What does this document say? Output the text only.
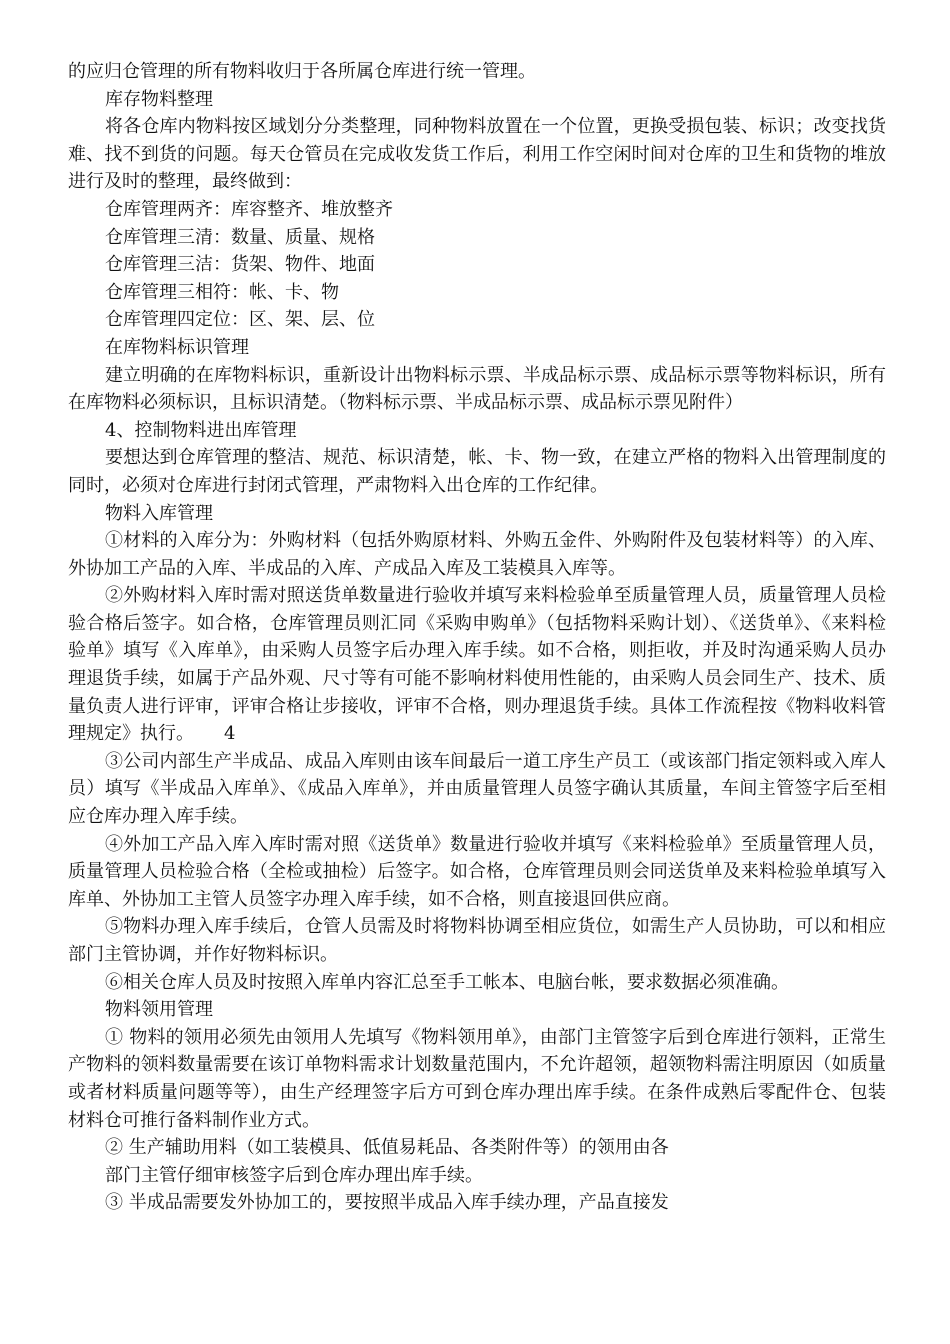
的应归仓管理的所有物料收归于各所属仓库进行统一管理。

库存物料整理

将各仓库内物料按区域划分分类整理，同种物料放置在一个位置，更换受损包装、标识；改变找货难、找不到货的问题。每天仓管员在完成收发货工作后，利用工作空闲时间对仓库的卫生和货物的堆放进行及时的整理，最终做到：

仓库管理两齐：库容整齐、堆放整齐

仓库管理三清：数量、质量、规格

仓库管理三洁：货架、物件、地面

仓库管理三相符：帐、卡、物

仓库管理四定位：区、架、层、位

在库物料标识管理

建立明确的在库物料标识，重新设计出物料标示票、半成品标示票、成品标示票等物料标识，所有在库物料必须标识，且标识清楚。（物料标示票、半成品标示票、成品标示票见附件）

4、控制物料进出库管理

要想达到仓库管理的整洁、规范、标识清楚，帐、卡、物一致，在建立严格的物料入出管理制度的同时，必须对仓库进行封闭式管理，严肃物料入出仓库的工作纪律。

物料入库管理

①材料的入库分为：外购材料（包括外购原材料、外购五金件、外购附件及包装材料等）的入库、外协加工产品的入库、半成品的入库、产成品入库及工装模具入库等。

②外购材料入库时需对照送货单数量进行验收并填写来料检验单至质量管理人员，质量管理人员检验合格后签字。如合格，仓库管理员则汇同《采购申购单》（包括物料采购计划）、《送货单》、《来料检验单》填写《入库单》，由采购人员签字后办理入库手续。如不合格，则拒收，并及时沟通采购人员办理退货手续，如属于产品外观、尺寸等有可能不影响材料使用性能的，由采购人员会同生产、技术、质量负责人进行评审，评审合格让步接收，评审不合格，则办理退货手续。具体工作流程按《物料收料管理规定》执行。 4

③公司内部生产半成品、成品入库则由该车间最后一道工序生产员工（或该部门指定领料或入库人员）填写《半成品入库单》、《成品入库单》，并由质量管理人员签字确认其质量，车间主管签字后至相应仓库办理入库手续。

④外加工产品入库入库时需对照《送货单》数量进行验收并填写《来料检验单》至质量管理人员，质量管理人员检验合格（全检或抽检）后签字。如合格，仓库管理员则会同送货单及来料检验单填写入库单、外协加工主管人员签字办理入库手续，如不合格，则直接退回供应商。

⑤物料办理入库手续后，仓管人员需及时将物料协调至相应货位，如需生产人员协助，可以和相应部门主管协调，并作好物料标识。

⑥相关仓库人员及时按照入库单内容汇总至手工帐本、电脑台帐，要求数据必须准确。

物料领用管理

① 物料的领用必须先由领用人先填写《物料领用单》，由部门主管签字后到仓库进行领料，正常生产物料的领料数量需要在该订单物料需求计划数量范围内，不允许超领，超领物料需注明原因（如质量或者材料质量问题等等），由生产经理签字后方可到仓库办理出库手续。在条件成熟后零配件仓、包装材料仓可推行备料制作业方式。

② 生产辅助用料（如工装模具、低值易耗品、各类附件等）的领用由各

部门主管仔细审核签字后到仓库办理出库手续。

③ 半成品需要发外协加工的，要按照半成品入库手续办理，产品直接发
